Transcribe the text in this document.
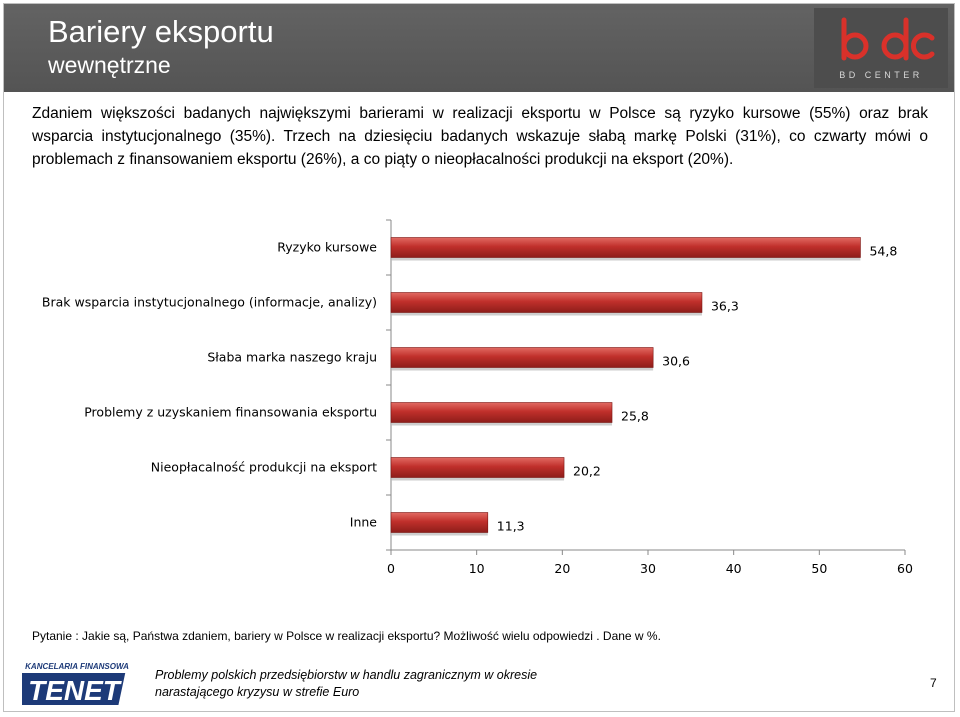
Bariery eksportu
wewnętrzne	BD CENTER
Zdaniem większości badanych największymi barierami w realizacji eksportu w Polsce są ryzyko kursowe (55%) oraz brak wsparcia instytucjonalnego (35%). Trzech na dziesięciu badanych wskazuje słabą markę Polski (31%), co czwarty mówi o problemach z finansowaniem eksportu (26%), a co piąty o nieopłacalności produkcji na eksport (20%).
Ryzyko kursowe	54,8
Brak wsparcia instytucjonalnego (informacje, analizy)	36,3
Słaba marka naszego kraju	30,6
Problemy z uzyskaniem finansowania eksportu	25,8
Nieopłacalność produkcji na eksport	20,2
Inne	11,3
0	10	20	30	40	50	60
Pytanie : Jakie są, Państwa zdaniem, bariery w Polsce w realizacji eksportu? Możliwość wielu odpowiedzi . Dane w %.
KANCELARIA FINANSOWA
TENET	Problemy polskich przedsiębiorstw w handlu zagranicznym w okresie
narastającego kryzysu w strefie Euro
7
